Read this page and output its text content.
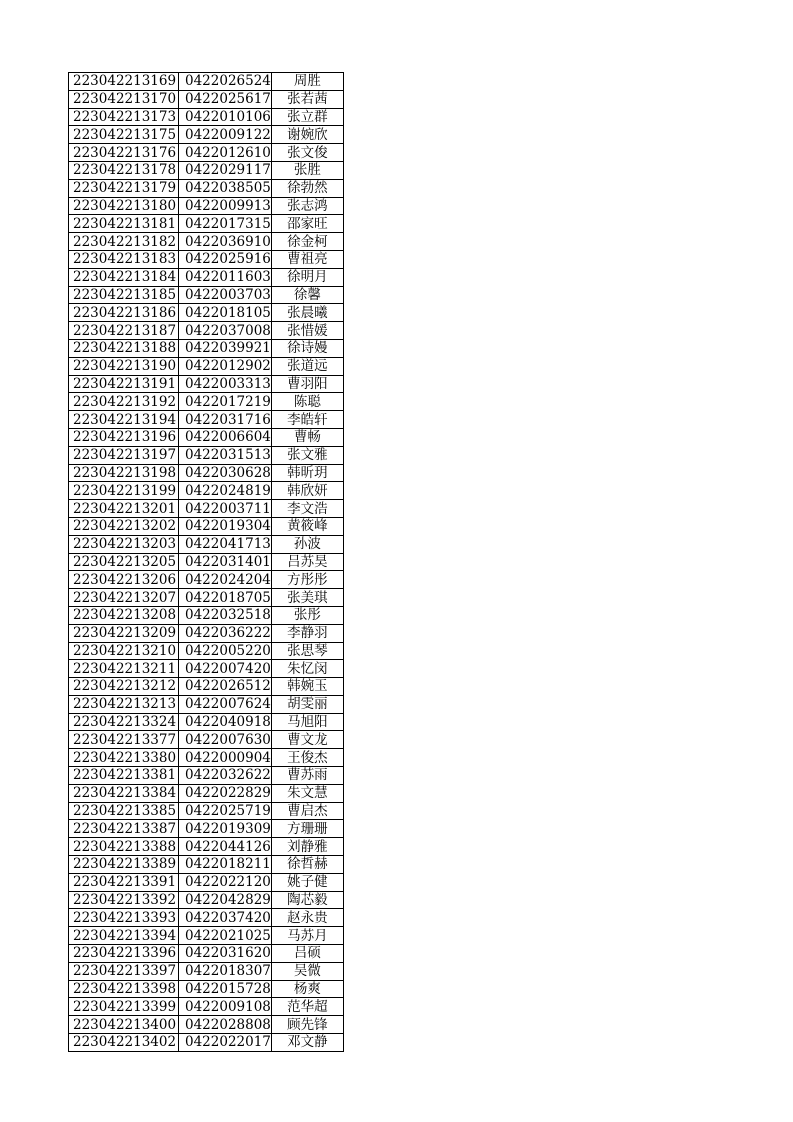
223042213169	0422026524	周胜
223042213170	0422025617	张若茜
223042213173	0422010106	张立群
223042213175	0422009122	谢婉欣
223042213176	0422012610	张文俊
223042213178	0422029117	张胜
223042213179	0422038505	徐勃然
223042213180	0422009913	张志鸿
223042213181	0422017315	邵家旺
223042213182	0422036910	徐金柯
223042213183	0422025916	曹祖亮
223042213184	0422011603	徐明月
223042213185	0422003703	徐馨
223042213186	0422018105	张晨曦
223042213187	0422037008	张惜媛
223042213188	0422039921	徐诗嫚
223042213190	0422012902	张道远
223042213191	0422003313	曹羽阳
223042213192	0422017219	陈聪
223042213194	0422031716	李皓轩
223042213196	0422006604	曹畅
223042213197	0422031513	张文雅
223042213198	0422030628	韩昕玥
223042213199	0422024819	韩欣妍
223042213201	0422003711	李文浩
223042213202	0422019304	黄筱峰
223042213203	0422041713	孙波
223042213205	0422031401	吕苏昊
223042213206	0422024204	方彤彤
223042213207	0422018705	张美琪
223042213208	0422032518	张彤
223042213209	0422036222	李静羽
223042213210	0422005220	张思琴
223042213211	0422007420	朱忆闵
223042213212	0422026512	韩婉玉
223042213213	0422007624	胡雯丽
223042213324	0422040918	马旭阳
223042213377	0422007630	曹文龙
223042213380	0422000904	王俊杰
223042213381	0422032622	曹苏雨
223042213384	0422022829	朱文慧
223042213385	0422025719	曹启杰
223042213387	0422019309	方珊珊
223042213388	0422044126	刘静雅
223042213389	0422018211	徐哲赫
223042213391	0422022120	姚子健
223042213392	0422042829	陶芯毅
223042213393	0422037420	赵永贵
223042213394	0422021025	马苏月
223042213396	0422031620	吕硕
223042213397	0422018307	吴微
223042213398	0422015728	杨爽
223042213399	0422009108	范华超
223042213400	0422028808	顾先锋
223042213402	0422022017	邓文静
